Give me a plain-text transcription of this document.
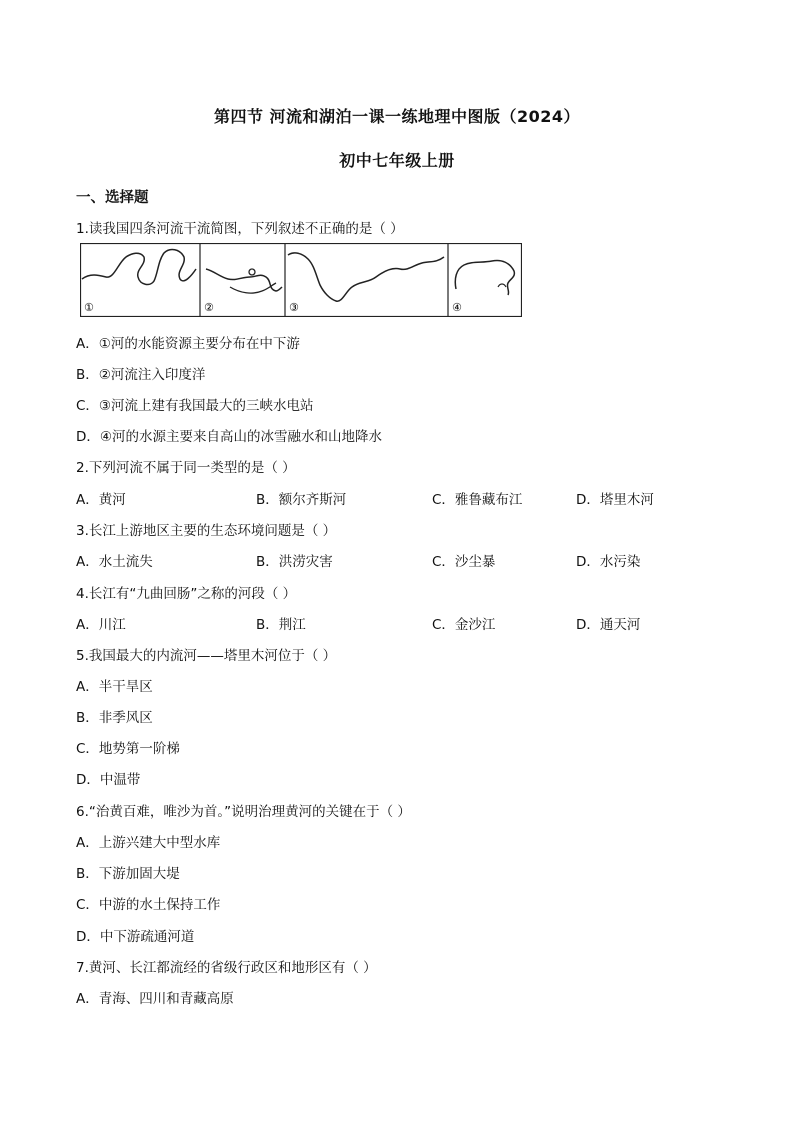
第四节 河流和湖泊一课一练地理中图版（2024）
初中七年级上册
一、选择题
1.读我国四条河流干流简图，下列叙述不正确的是（ ）
①	②	③	④
A．①河的水能资源主要分布在中下游
B．②河流注入印度洋
C．③河流上建有我国最大的三峡水电站
D．④河的水源主要来自高山的冰雪融水和山地降水
2.下列河流不属于同一类型的是（ ）
A．黄河	B．额尔齐斯河	C．雅鲁藏布江	D．塔里木河
3.长江上游地区主要的生态环境问题是（ ）
A．水土流失	B．洪涝灾害	C．沙尘暴	D．水污染
4.长江有“九曲回肠”之称的河段（ ）
A．川江	B．荆江	C．金沙江	D．通天河
5.我国最大的内流河——塔里木河位于（ ）
A．半干旱区
B．非季风区
C．地势第一阶梯
D．中温带
6.“治黄百难，唯沙为首。”说明治理黄河的关键在于（ ）
A．上游兴建大中型水库
B．下游加固大堤
C．中游的水土保持工作
D．中下游疏通河道
7.黄河、长江都流经的省级行政区和地形区有（ ）
A．青海、四川和青藏高原
